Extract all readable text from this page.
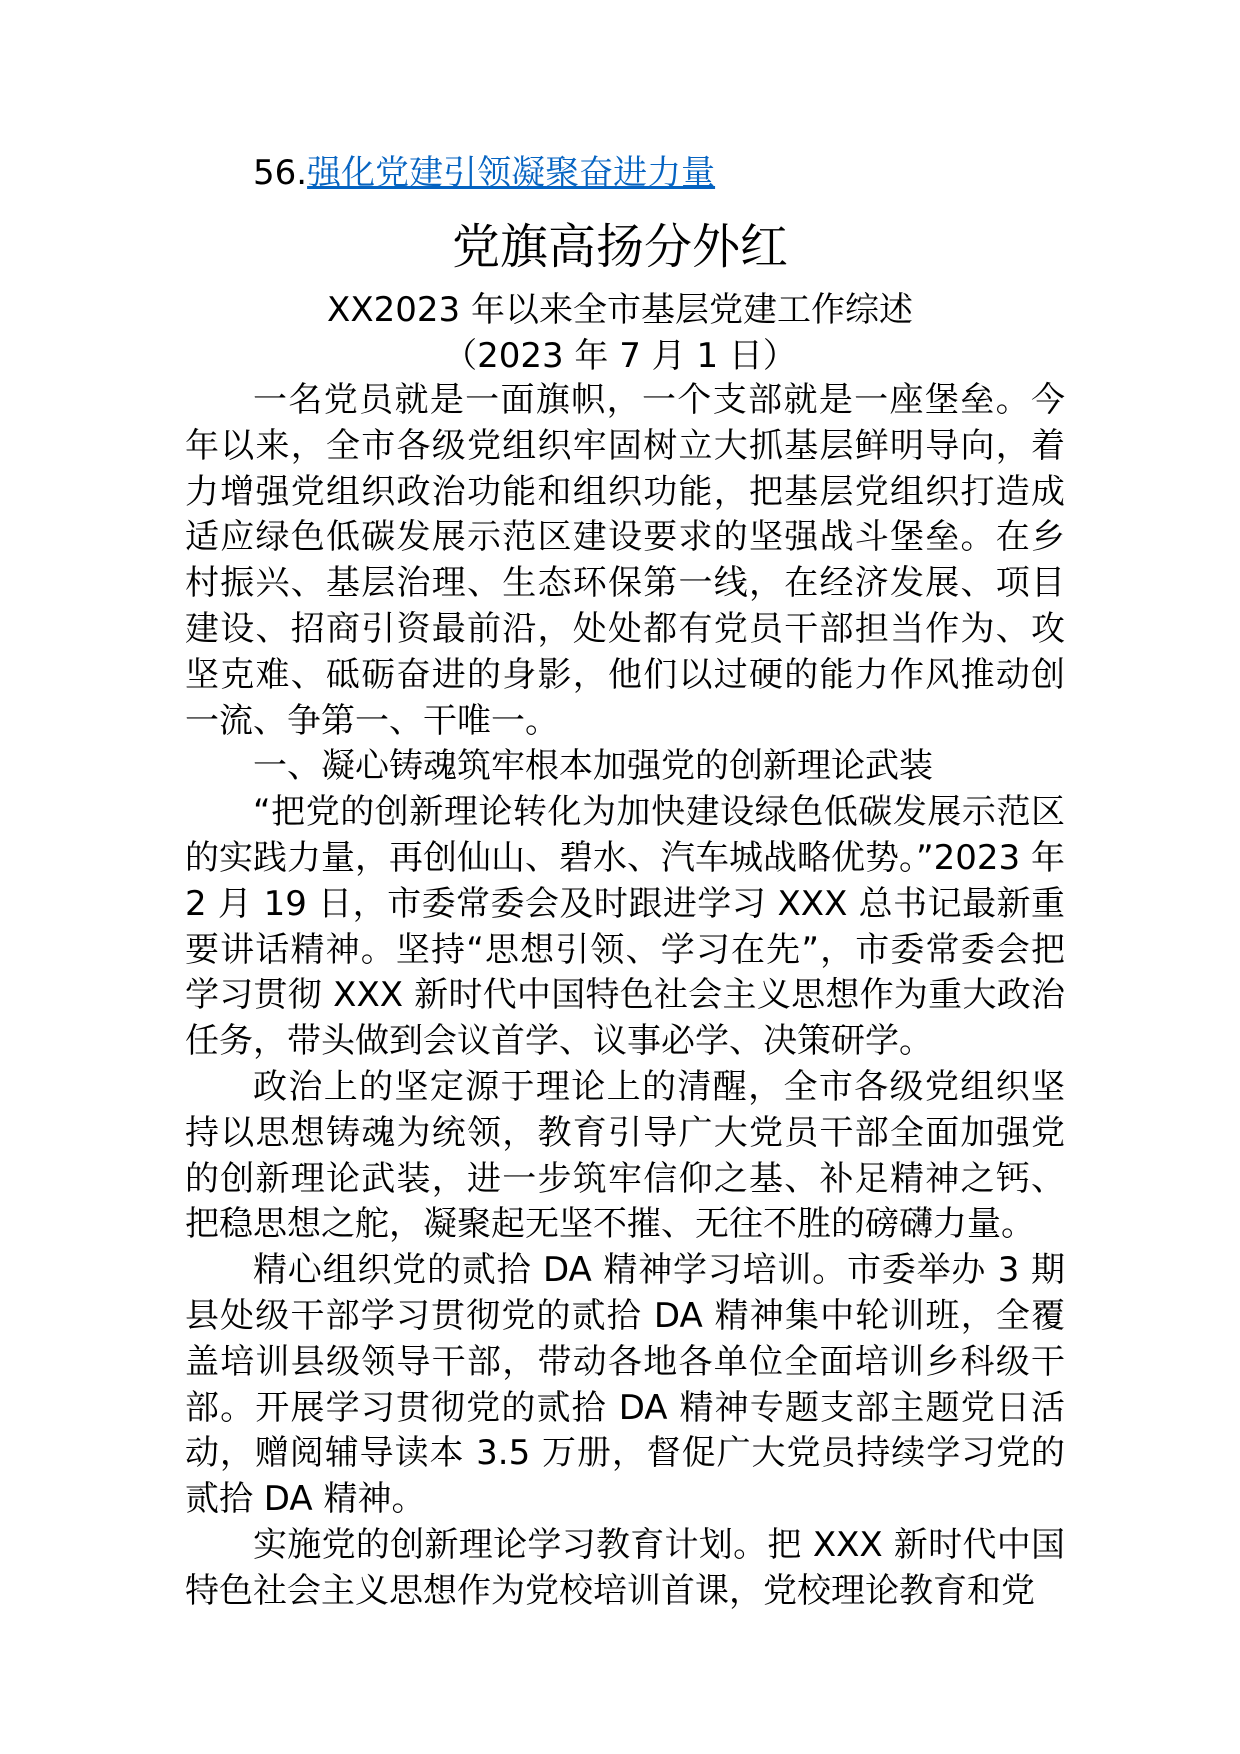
56.强化党建引领凝聚奋进力量
党旗高扬分外红
XX2023 年以来全市基层党建工作综述
（2023 年 7 月 1 日）

一名党员就是一面旗帜，一个支部就是一座堡垒。今年以来，全市各级党组织牢固树立大抓基层鲜明导向，着力增强党组织政治功能和组织功能，把基层党组织打造成适应绿色低碳发展示范区建设要求的坚强战斗堡垒。在乡村振兴、基层治理、生态环保第一线，在经济发展、项目建设、招商引资最前沿，处处都有党员干部担当作为、攻坚克难、砥砺奋进的身影，他们以过硬的能力作风推动创一流、争第一、干唯一。

一、凝心铸魂筑牢根本加强党的创新理论武装

“把党的创新理论转化为加快建设绿色低碳发展示范区的实践力量，再创仙山、碧水、汽车城战略优势。”2023 年 2 月 19 日，市委常委会及时跟进学习 XXX 总书记最新重要讲话精神。坚持“思想引领、学习在先”，市委常委会把学习贯彻 XXX 新时代中国特色社会主义思想作为重大政治任务，带头做到会议首学、议事必学、决策研学。

政治上的坚定源于理论上的清醒，全市各级党组织坚持以思想铸魂为统领，教育引导广大党员干部全面加强党的创新理论武装，进一步筑牢信仰之基、补足精神之钙、把稳思想之舵，凝聚起无坚不摧、无往不胜的磅礴力量。

精心组织党的贰拾 DA 精神学习培训。市委举办 3 期县处级干部学习贯彻党的贰拾 DA 精神集中轮训班，全覆盖培训县级领导干部，带动各地各单位全面培训乡科级干部。开展学习贯彻党的贰拾 DA 精神专题支部主题党日活动，赠阅辅导读本 3.5 万册，督促广大党员持续学习党的贰拾 DA 精神。

实施党的创新理论学习教育计划。把 XXX 新时代中国特色社会主义思想作为党校培训首课，党校理论教育和党
